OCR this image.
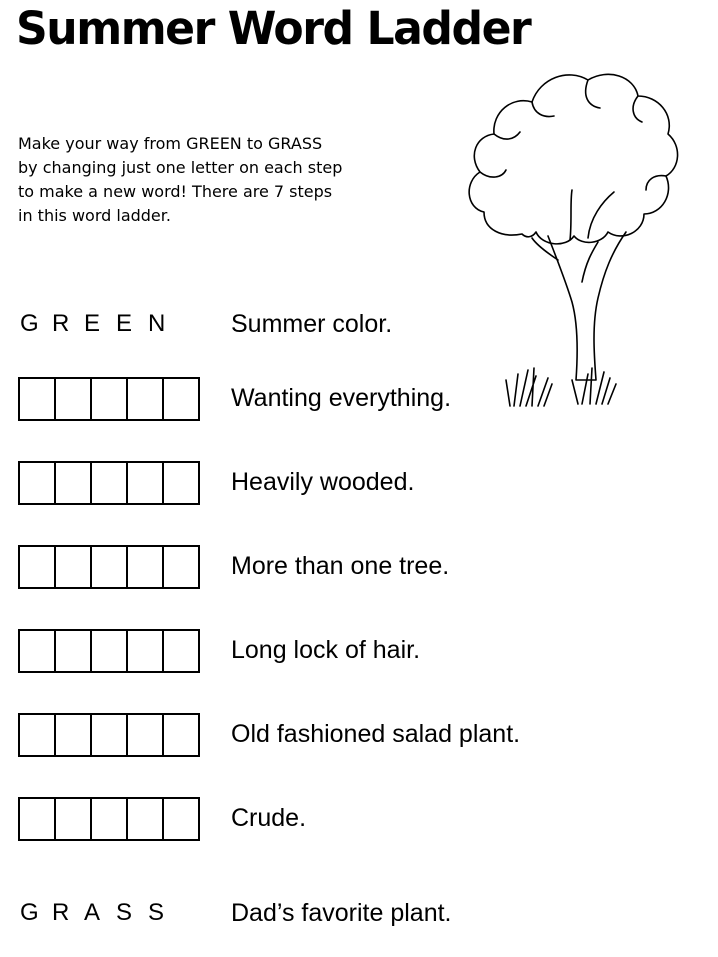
Summer Word Ladder
Make your way from GREEN to GRASS
by changing just one letter on each step
to make a new word! There are 7 steps
in this word ladder.
G R E E N	Summer color.
Wanting everything.
Heavily wooded.
More than one tree.
Long lock of hair.
Old fashioned salad plant.
Crude.
G R A S S	Dad’s favorite plant.
